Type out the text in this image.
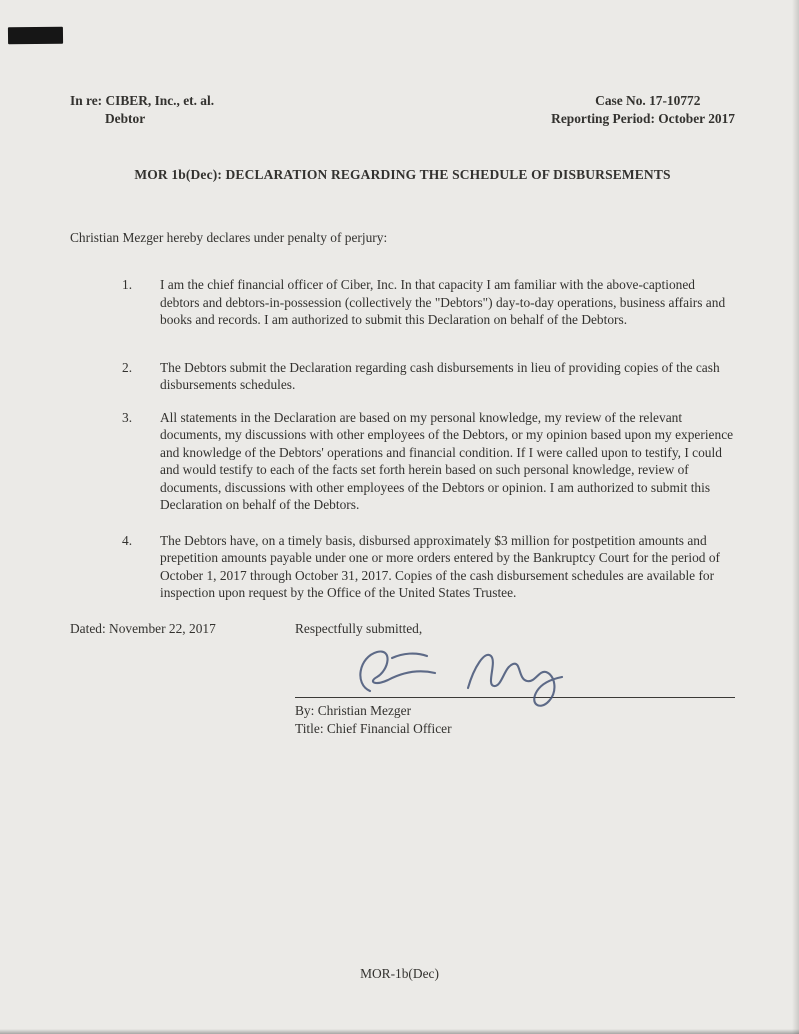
In re: CIBER, Inc., et. al.
Debtor
Case No. 17-10772
Reporting Period: October 2017
MOR 1b(Dec): DECLARATION REGARDING THE SCHEDULE OF DISBURSEMENTS
Christian Mezger hereby declares under penalty of perjury:
1.	I am the chief financial officer of Ciber, Inc. In that capacity I am familiar with the above-captioned debtors and debtors-in-possession (collectively the "Debtors") day-to-day operations, business affairs and books and records. I am authorized to submit this Declaration on behalf of the Debtors.
2.	The Debtors submit the Declaration regarding cash disbursements in lieu of providing copies of the cash disbursements schedules.
3.	All statements in the Declaration are based on my personal knowledge, my review of the relevant documents, my discussions with other employees of the Debtors, or my opinion based upon my experience and knowledge of the Debtors' operations and financial condition. If I were called upon to testify, I could and would testify to each of the facts set forth herein based on such personal knowledge, review of documents, discussions with other employees of the Debtors or opinion. I am authorized to submit this Declaration on behalf of the Debtors.
4.	The Debtors have, on a timely basis, disbursed approximately $3 million for postpetition amounts and prepetition amounts payable under one or more orders entered by the Bankruptcy Court for the period of October 1, 2017 through October 31, 2017. Copies of the cash disbursement schedules are available for inspection upon request by the Office of the United States Trustee.
Dated: November 22, 2017	Respectfully submitted,
By: Christian Mezger
Title: Chief Financial Officer
MOR-1b(Dec)
